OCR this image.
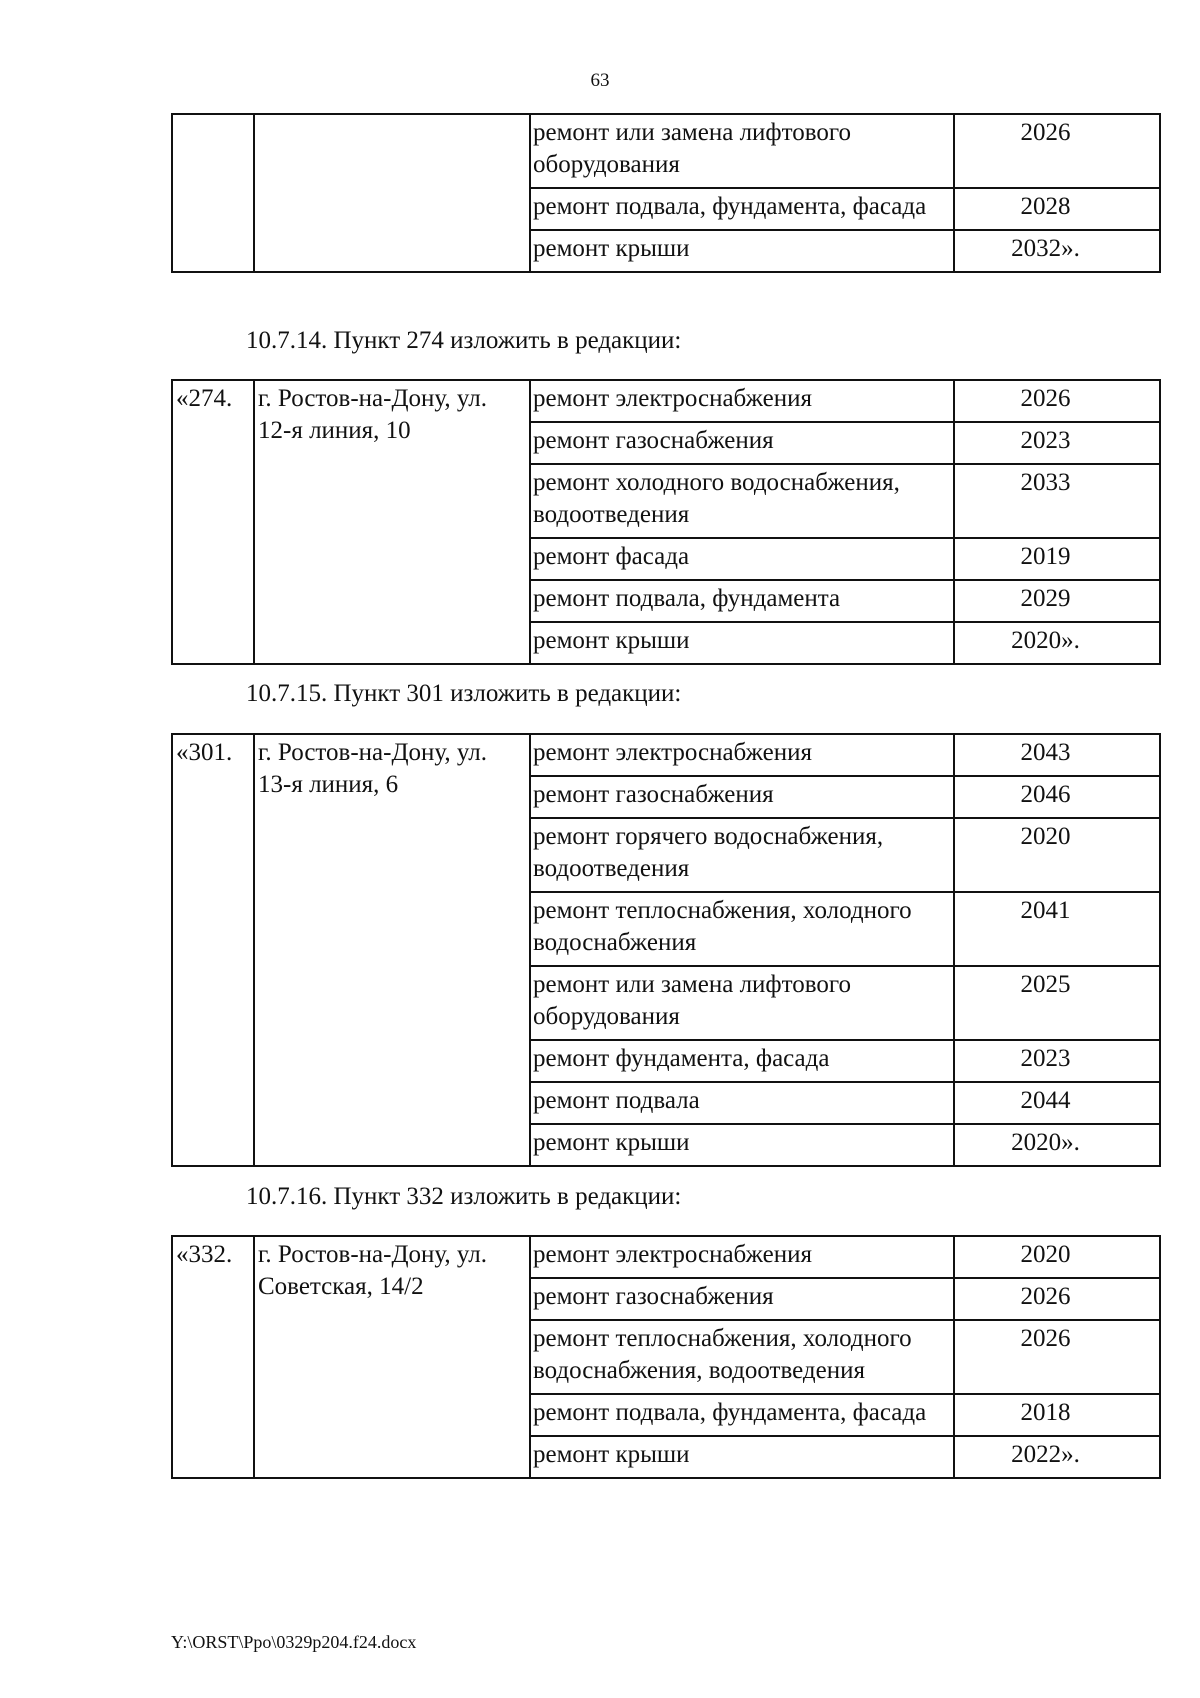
63
		ремонт или замена лифтового оборудования	2026
		ремонт подвала, фундамента, фасада	2028
		ремонт крыши	2032».
10.7.14. Пункт 274 изложить в редакции:
«274.	г. Ростов-на-Дону, ул. 12-я линия, 10	ремонт электроснабжения	2026
		ремонт газоснабжения	2023
		ремонт холодного водоснабжения, водоотведения	2033
		ремонт фасада	2019
		ремонт подвала, фундамента	2029
		ремонт крыши	2020».
10.7.15. Пункт 301 изложить в редакции:
«301.	г. Ростов-на-Дону, ул. 13-я линия, 6	ремонт электроснабжения	2043
		ремонт газоснабжения	2046
		ремонт горячего водоснабжения, водоотведения	2020
		ремонт теплоснабжения, холодного водоснабжения	2041
		ремонт или замена лифтового оборудования	2025
		ремонт фундамента, фасада	2023
		ремонт подвала	2044
		ремонт крыши	2020».
10.7.16. Пункт 332 изложить в редакции:
«332.	г. Ростов-на-Дону, ул. Советская, 14/2	ремонт электроснабжения	2020
		ремонт газоснабжения	2026
		ремонт теплоснабжения, холодного водоснабжения, водоотведения	2026
		ремонт подвала, фундамента, фасада	2018
		ремонт крыши	2022».
Y:\ORST\Ppo\0329p204.f24.docx
